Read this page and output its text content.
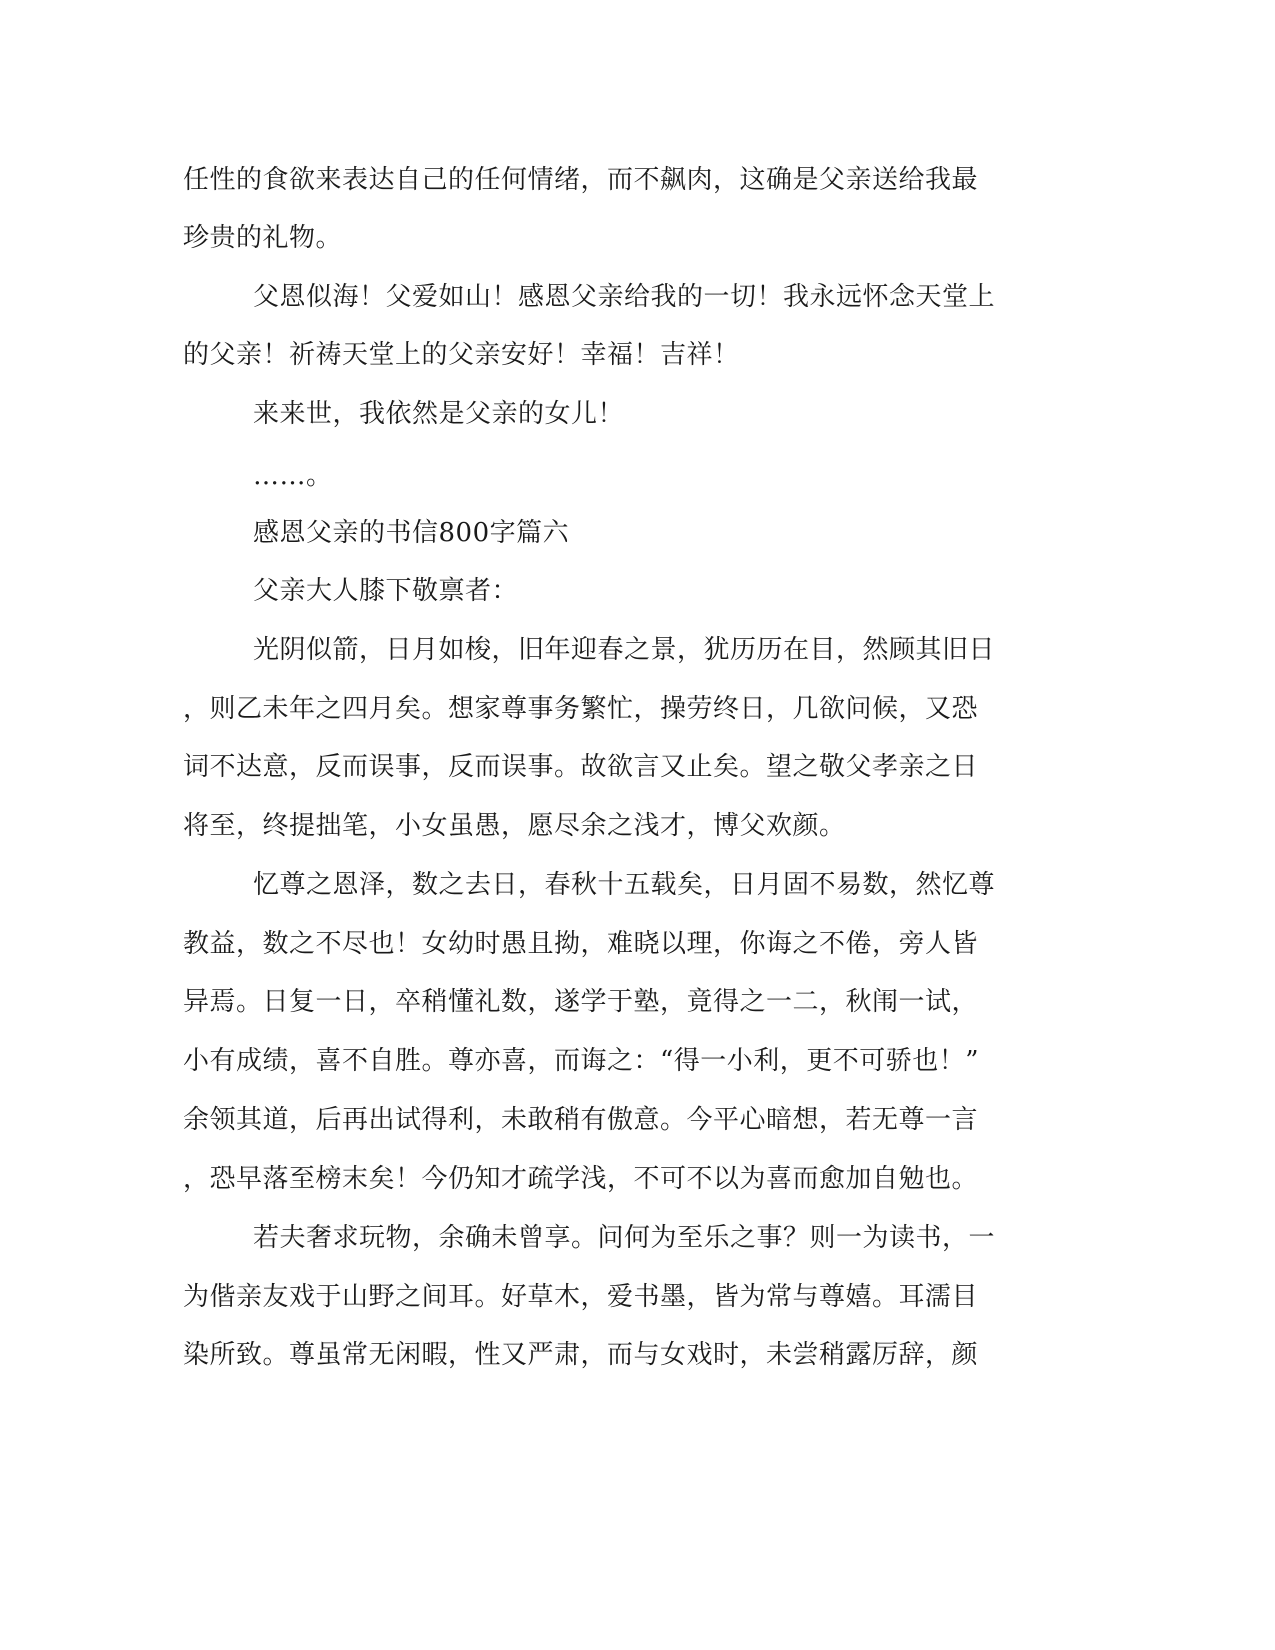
任性的食欲来表达自己的任何情绪，而不飙肉，这确是父亲送给我最
珍贵的礼物。
父恩似海！父爱如山！感恩父亲给我的一切！我永远怀念天堂上
的父亲！祈祷天堂上的父亲安好！幸福！吉祥！
来来世，我依然是父亲的女儿！
……。
感恩父亲的书信800字篇六
父亲大人膝下敬禀者：
光阴似箭，日月如梭，旧年迎春之景，犹历历在目，然顾其旧日
，则乙未年之四月矣。想家尊事务繁忙，操劳终日，几欲问候，又恐
词不达意，反而误事，反而误事。故欲言又止矣。望之敬父孝亲之日
将至，终提拙笔，小女虽愚，愿尽余之浅才，博父欢颜。
忆尊之恩泽，数之去日，春秋十五载矣，日月固不易数，然忆尊
教益，数之不尽也！女幼时愚且拗，难晓以理，你诲之不倦，旁人皆
异焉。日复一日，卒稍懂礼数，遂学于塾，竟得之一二，秋闱一试，
小有成绩，喜不自胜。尊亦喜，而诲之：“得一小利，更不可骄也！”
余领其道，后再出试得利，未敢稍有傲意。今平心暗想，若无尊一言
，恐早落至榜末矣！今仍知才疏学浅，不可不以为喜而愈加自勉也。
若夫奢求玩物，余确未曾享。问何为至乐之事？则一为读书，一
为偕亲友戏于山野之间耳。好草木，爱书墨，皆为常与尊嬉。耳濡目
染所致。尊虽常无闲暇，性又严肃，而与女戏时，未尝稍露厉辞，颜
